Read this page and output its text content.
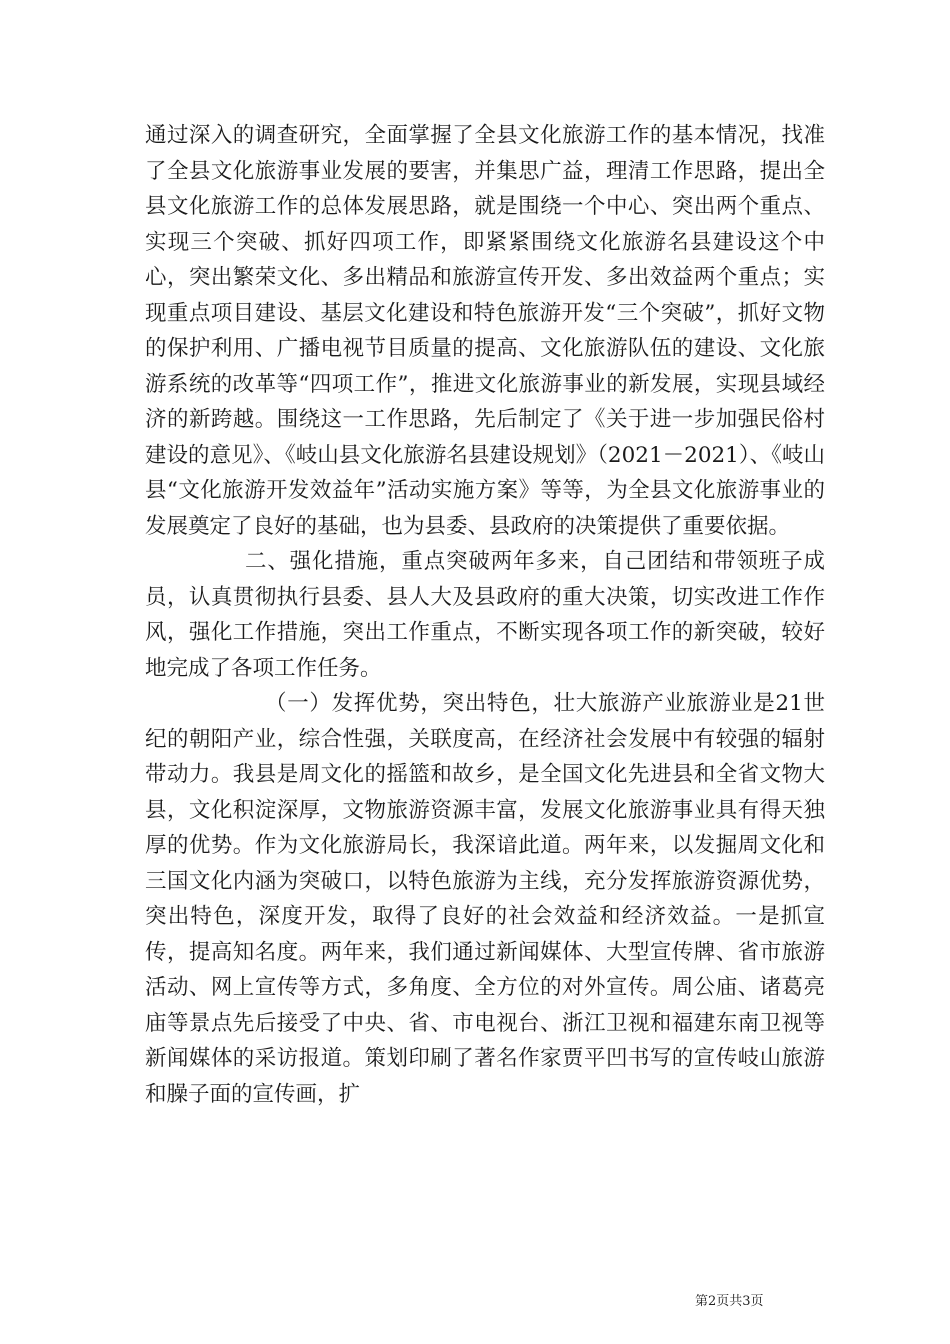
通过深入的调查研究，全面掌握了全县文化旅游工作的基本情况，找准了全县文化旅游事业发展的要害，并集思广益，理清工作思路，提出全县文化旅游工作的总体发展思路，就是围绕一个中心、突出两个重点、实现三个突破、抓好四项工作，即紧紧围绕文化旅游名县建设这个中心，突出繁荣文化、多出精品和旅游宣传开发、多出效益两个重点；实现重点项目建设、基层文化建设和特色旅游开发“三个突破”，抓好文物的保护利用、广播电视节目质量的提高、文化旅游队伍的建设、文化旅游系统的改革等“四项工作”，推进文化旅游事业的新发展，实现县域经济的新跨越。围绕这一工作思路，先后制定了《关于进一步加强民俗村建设的意见》、《岐山县文化旅游名县建设规划》（2021－2021）、《岐山县“文化旅游开发效益年”活动实施方案》等等，为全县文化旅游事业的发展奠定了良好的基础，也为县委、县政府的决策提供了重要依据。

二、强化措施，重点突破两年多来，自己团结和带领班子成员，认真贯彻执行县委、县人大及县政府的重大决策，切实改进工作作风，强化工作措施，突出工作重点，不断实现各项工作的新突破，较好地完成了各项工作任务。

（一）发挥优势，突出特色，壮大旅游产业旅游业是21世纪的朝阳产业，综合性强，关联度高，在经济社会发展中有较强的辐射带动力。我县是周文化的摇篮和故乡，是全国文化先进县和全省文物大县，文化积淀深厚，文物旅游资源丰富，发展文化旅游事业具有得天独厚的优势。作为文化旅游局长，我深谙此道。两年来，以发掘周文化和三国文化内涵为突破口，以特色旅游为主线，充分发挥旅游资源优势，突出特色，深度开发，取得了良好的社会效益和经济效益。一是抓宣传，提高知名度。两年来，我们通过新闻媒体、大型宣传牌、省市旅游活动、网上宣传等方式，多角度、全方位的对外宣传。周公庙、诸葛亮庙等景点先后接受了中央、省、市电视台、浙江卫视和福建东南卫视等新闻媒体的采访报道。策划印刷了著名作家贾平凹书写的宣传岐山旅游和臊子面的宣传画，扩

第2页共3页
